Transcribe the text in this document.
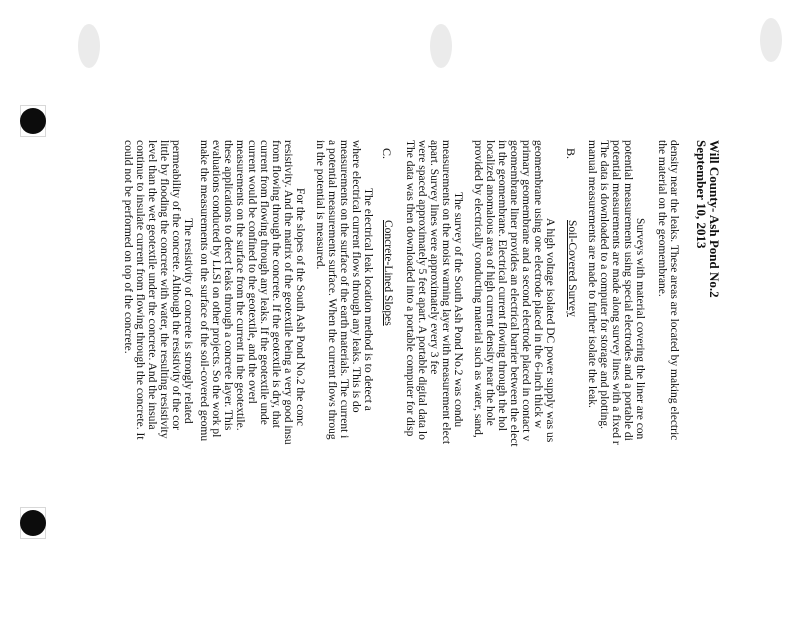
Will County- Ash Pond No.2
September 10, 2013
density near the leaks. These areas are located by making electric
the material on the geomembrane.
Surveys with material covering the liner are con
potential measurements using special electrodes and a portable di
potential measurements are made along survey lines with a fixed r
The data is downloaded to a computer for storage and plotting.
manual measurements are made to further isolate the leak.
B.
Soil-Covered Survey
A high voltage isolated DC power supply was us
geomembrane using one electrode placed in the 6-inch thick w
primary geomembrane and a second electrode placed in contact v
geomembrane liner provides an electrical barrier between the elect
in the geomembrane. Electrical current flowing through the hol
localized anomalous area of high current density near the hole
provided by electrically conducting material such as water, sand,
The survey of the South Ash Pond No.2 was condu
measurements on the moist warning layer with measurement elect
apart. Survey lines were approximately every 3 fee
were spaced approximately 5 feet apart. A portable digital data lo
The data was then downloaded into a portable computer for disp
C.
Concrete-Lined Slopes
The electrical leak location method is to detect a
where electrical current flows through any leaks. This is do
measurements on the surface of the earth materials. The current i
a potential measurements surface. When the current flows throug
in the potential is measured.
For the slopes of the South Ash Pond No.2 the conc
resistivity. And the matrix of the geotextile being a very good insu
from flowing through the concrete. If the geotextile is dry, that
current from flowing through any leaks. If the geotextile unde
current would be confined to the geotextile, and the overl
measurements on the surface from the current in the geotextile.
these applications to detect leaks through a concrete layer. This
evaluations conducted by LLSI on other projects. So the work pl
make the measurements on the surface of the soil-covered geomu
The resistivity of concrete is strongly related
permeability of the concrete. Although the resistivity of the cor
little by flooding the concrete with water, the resulting resistivity
level than the wet geotextile under the concrete. And the insula
continue to insulate current from flowing through the concrete. It
could not be performed on top of the concrete.
